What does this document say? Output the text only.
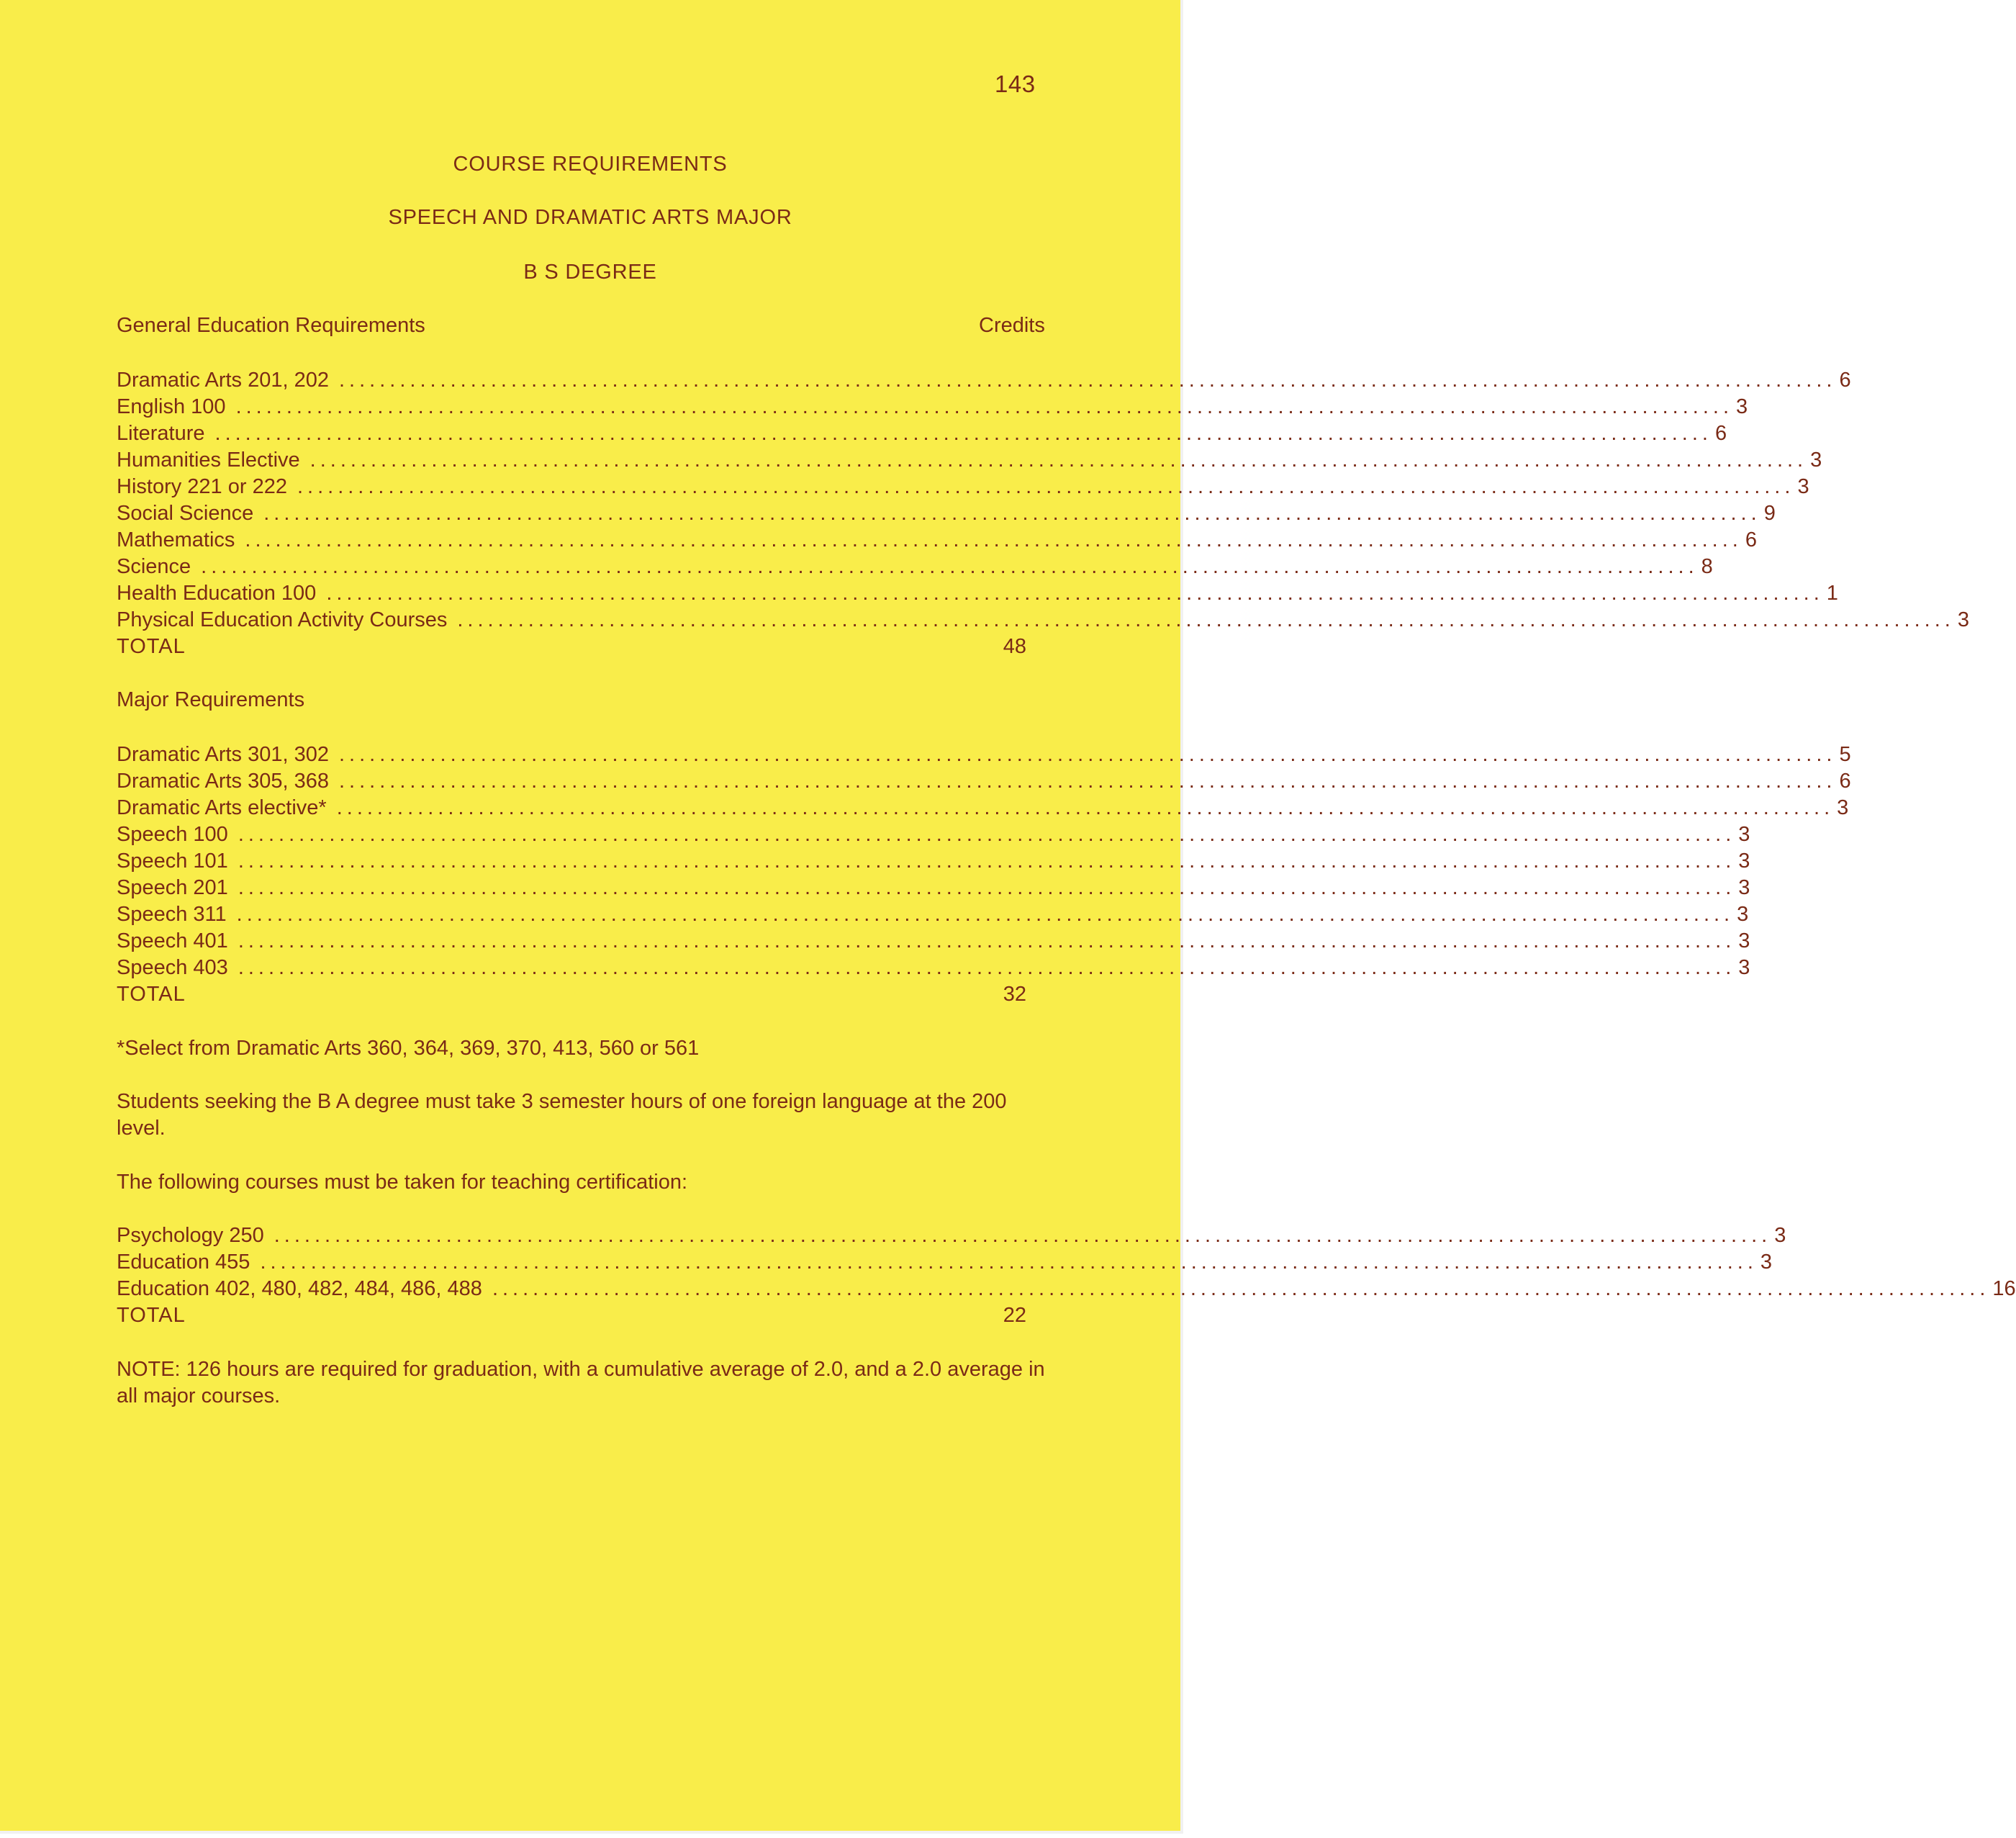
143
COURSE REQUIREMENTS
SPEECH AND DRAMATIC ARTS MAJOR
B S DEGREE
General Education Requirements	Credits
Dramatic Arts 201, 202 .................................................................................................................................................... 6
English 100 .................................................................................................................................................... 3
Literature .................................................................................................................................................... 6
Humanities Elective .................................................................................................................................................... 3
History 221 or 222 .................................................................................................................................................... 3
Social Science .................................................................................................................................................... 9
Mathematics .................................................................................................................................................... 6
Science .................................................................................................................................................... 8
Health Education 100 .................................................................................................................................................... 1
Physical Education Activity Courses .................................................................................................................................................... 3
TOTAL	48
Major Requirements
Dramatic Arts 301, 302 .................................................................................................................................................... 5
Dramatic Arts 305, 368 .................................................................................................................................................... 6
Dramatic Arts elective* .................................................................................................................................................... 3
Speech 100 .................................................................................................................................................... 3
Speech 101 .................................................................................................................................................... 3
Speech 201 .................................................................................................................................................... 3
Speech 311 .................................................................................................................................................... 3
Speech 401 .................................................................................................................................................... 3
Speech 403 .................................................................................................................................................... 3
TOTAL	32
*Select from Dramatic Arts 360, 364, 369, 370, 413, 560 or 561
Students seeking the B A degree must take 3 semester hours of one foreign language at the 200 level.
The following courses must be taken for teaching certification:
Psychology 250 .................................................................................................................................................... 3
Education 455 .................................................................................................................................................... 3
Education 402, 480, 482, 484, 486, 488 .................................................................................................................................................... 16
TOTAL	22
NOTE: 126 hours are required for graduation, with a cumulative average of 2.0, and a 2.0 average in all major courses.
